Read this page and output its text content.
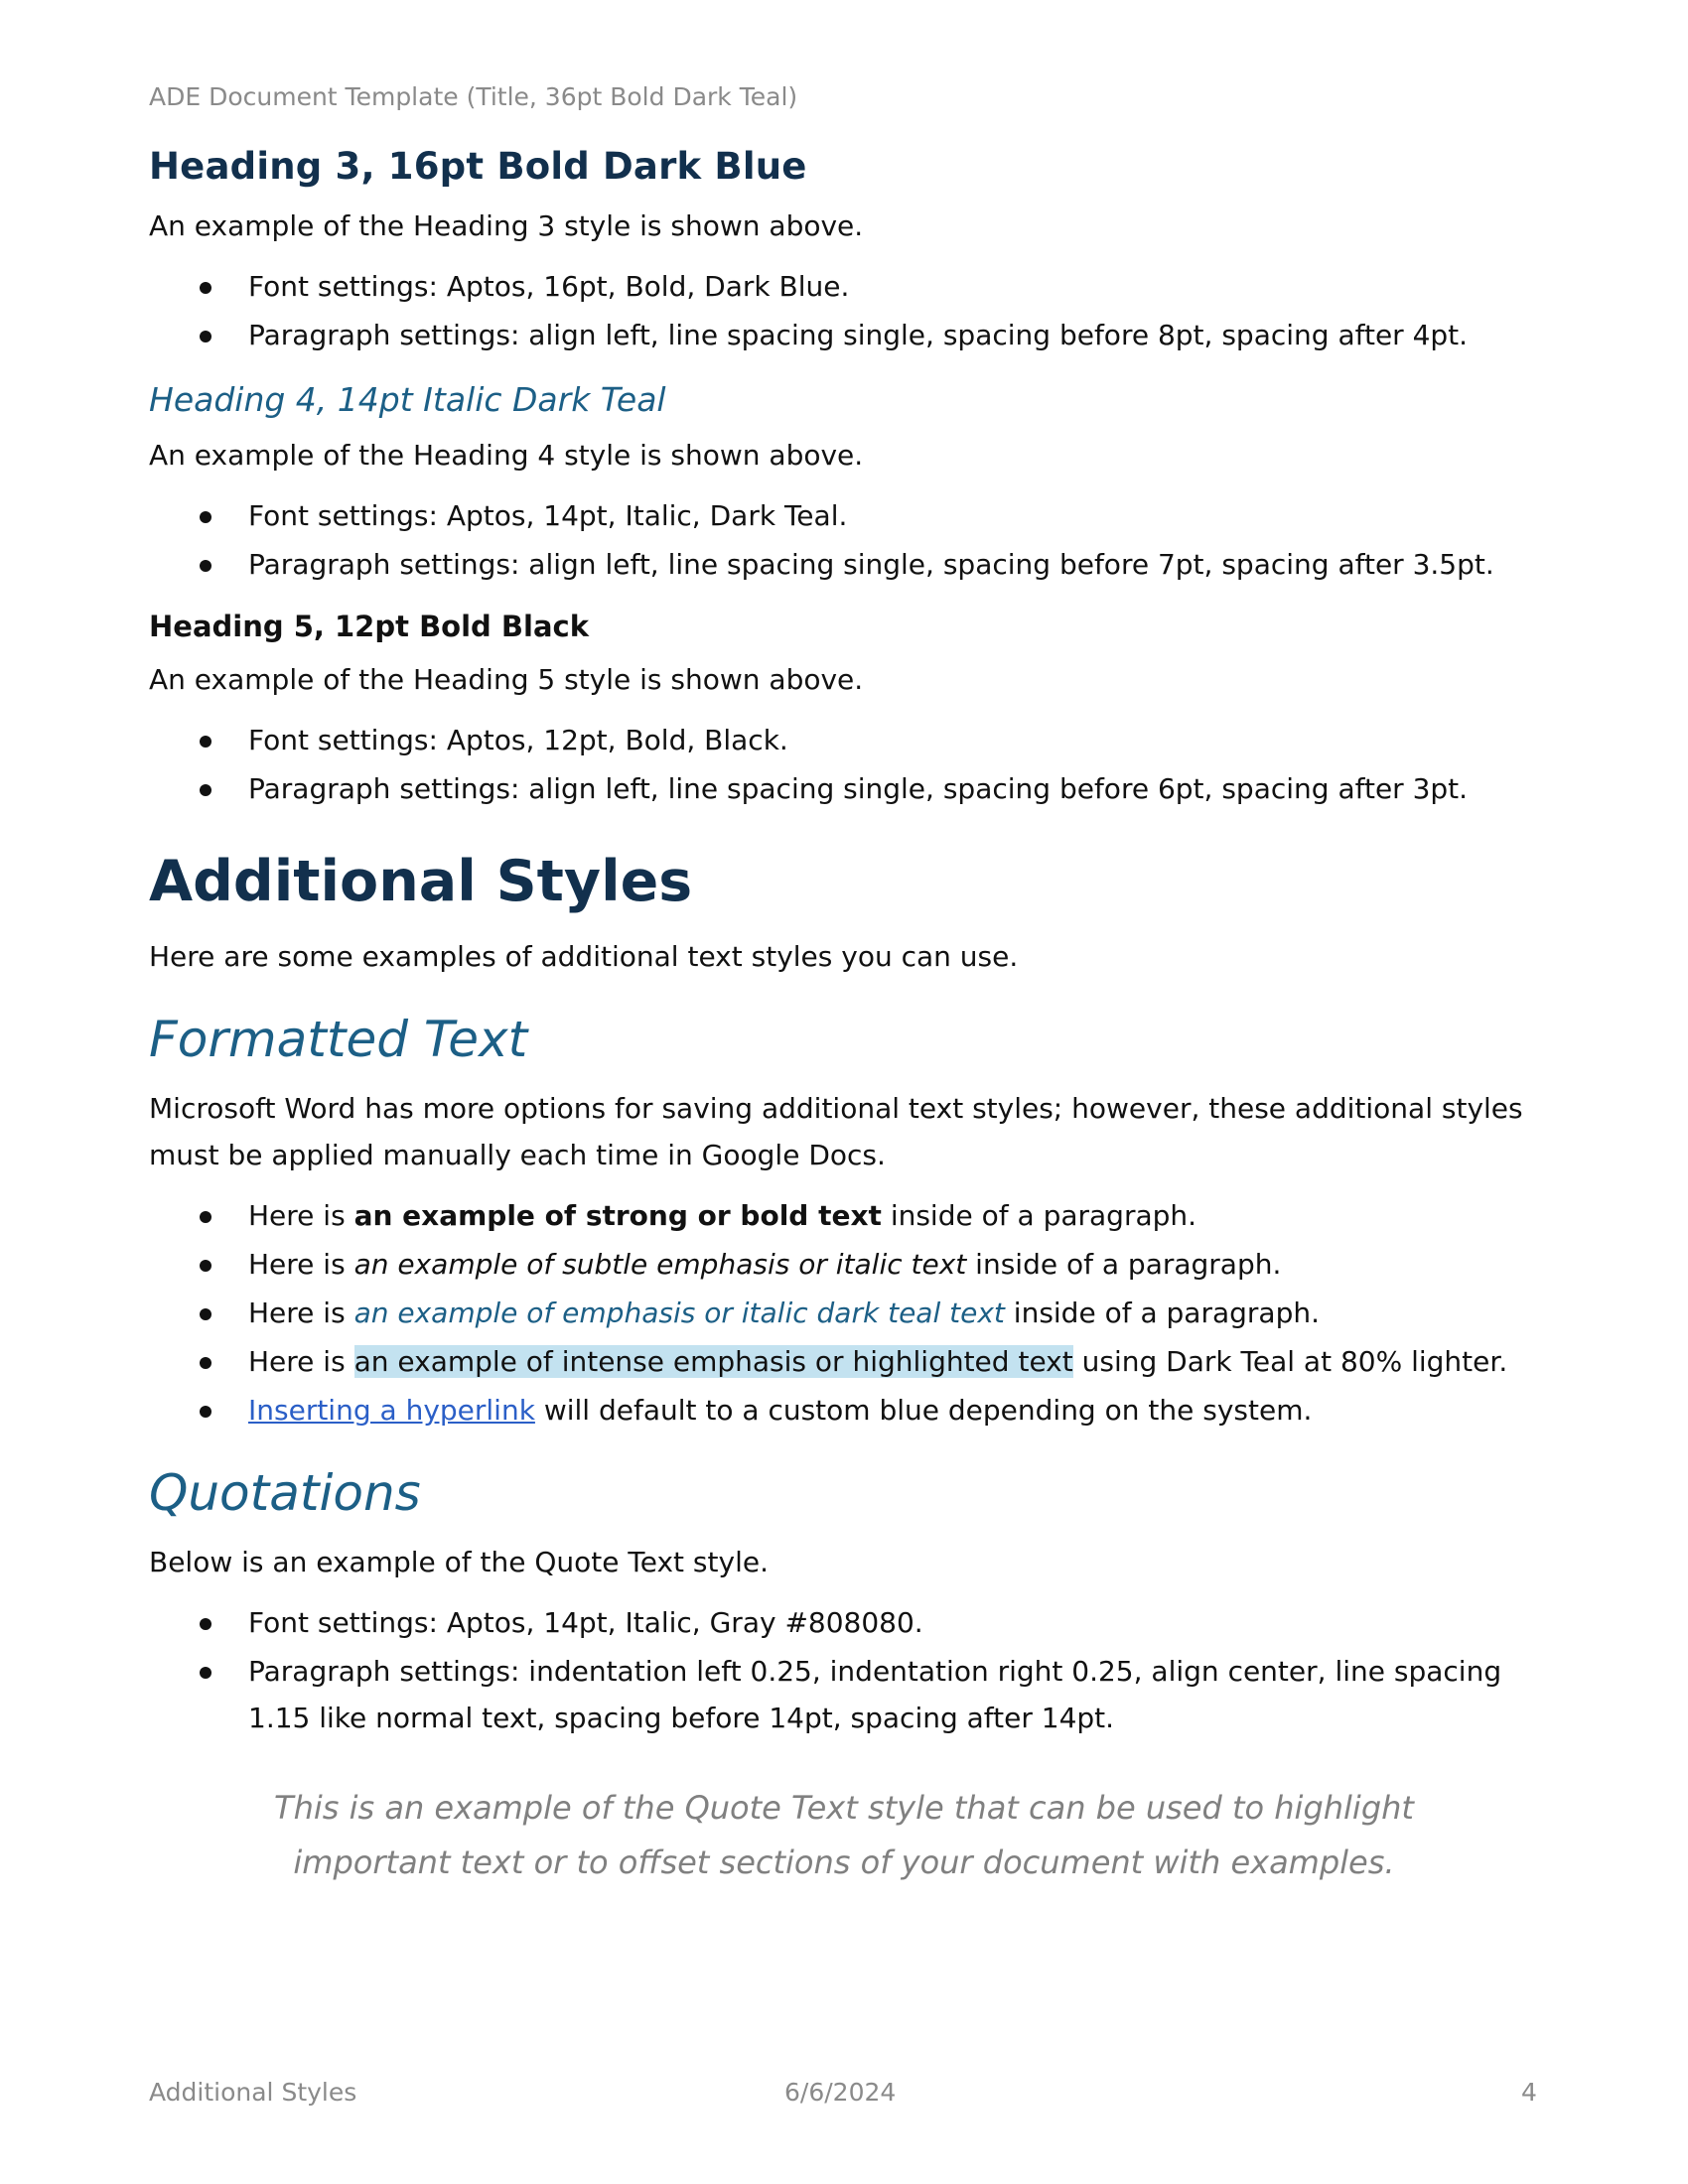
ADE Document Template (Title, 36pt Bold Dark Teal)
Heading 3, 16pt Bold Dark Blue

An example of the Heading 3 style is shown above.

Font settings: Aptos, 16pt, Bold, Dark Blue.
Paragraph settings: align left, line spacing single, spacing before 8pt, spacing after 4pt.
Heading 4, 14pt Italic Dark Teal

An example of the Heading 4 style is shown above.

Font settings: Aptos, 14pt, Italic, Dark Teal.
Paragraph settings: align left, line spacing single, spacing before 7pt, spacing after 3.5pt.
Heading 5, 12pt Bold Black

An example of the Heading 5 style is shown above.

Font settings: Aptos, 12pt, Bold, Black.
Paragraph settings: align left, line spacing single, spacing before 6pt, spacing after 3pt.
Additional Styles

Here are some examples of additional text styles you can use.

Formatted Text

Microsoft Word has more options for saving additional text styles; however, these additional styles must be applied manually each time in Google Docs.

Here is an example of strong or bold text inside of a paragraph.
Here is an example of subtle emphasis or italic text inside of a paragraph.
Here is an example of emphasis or italic dark teal text inside of a paragraph.
Here is an example of intense emphasis or highlighted text using Dark Teal at 80% lighter.
Inserting a hyperlink will default to a custom blue depending on the system.
Quotations

Below is an example of the Quote Text style.

Font settings: Aptos, 14pt, Italic, Gray #808080.
Paragraph settings: indentation left 0.25, indentation right 0.25, align center, line spacing 1.15 like normal text, spacing before 14pt, spacing after 14pt.
This is an example of the Quote Text style that can be used to highlight important text or to offset sections of your document with examples.
Additional Styles	6/6/2024	4
